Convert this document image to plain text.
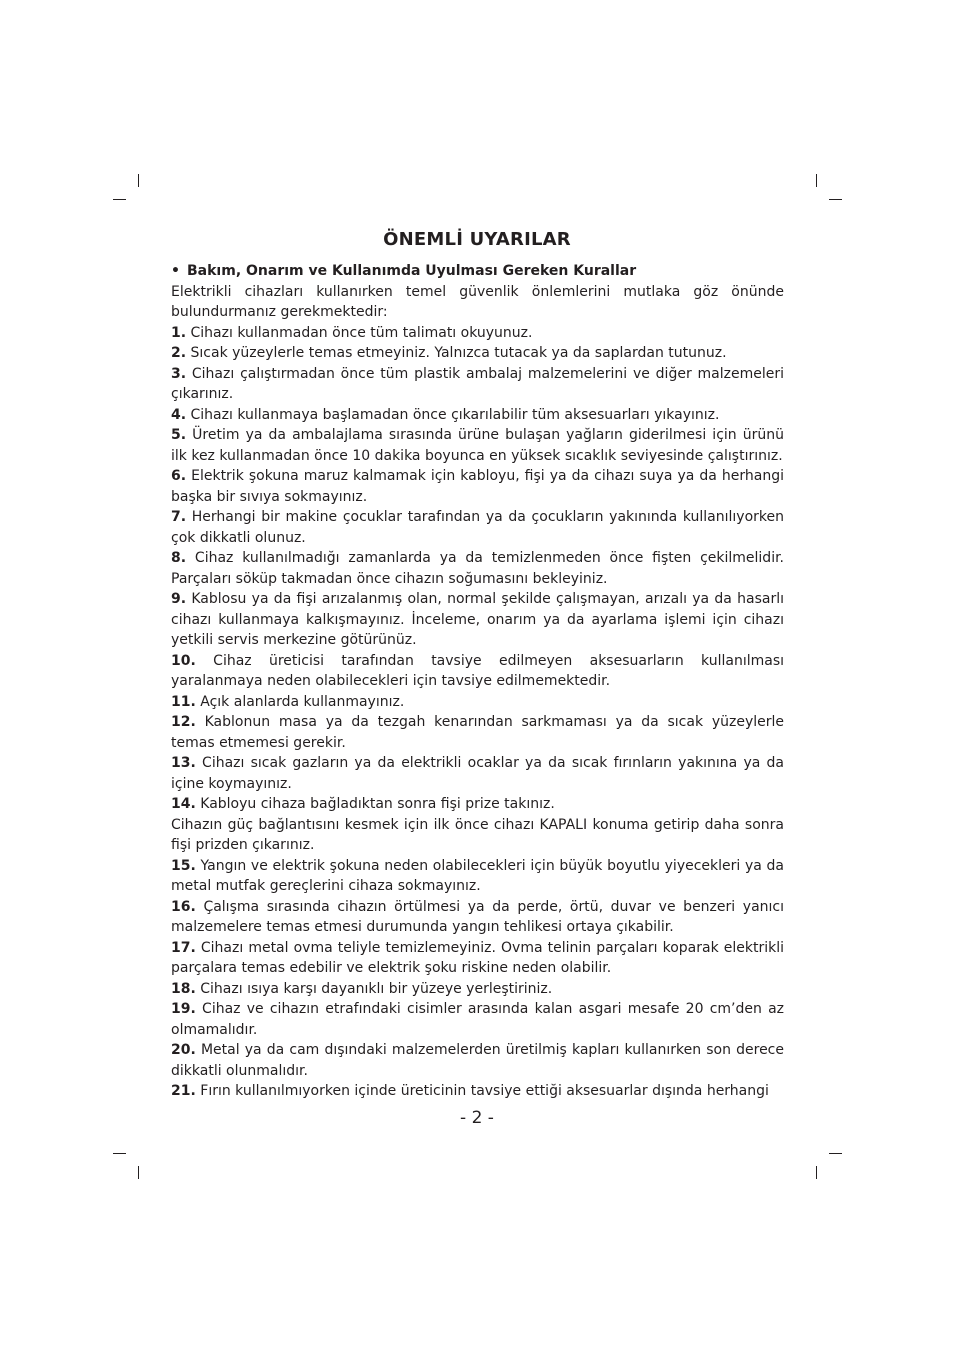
ÖNEMLİ UYARILAR
• Bakım, Onarım ve Kullanımda Uyulması Gereken Kurallar
Elektrikli cihazları kullanırken temel güvenlik önlemlerini mutlaka göz önünde bulundurmanız gerekmektedir:
1. Cihazı kullanmadan önce tüm talimatı okuyunuz.
2. Sıcak yüzeylerle temas etmeyiniz. Yalnızca tutacak ya da saplardan tutunuz.
3. Cihazı çalıştırmadan önce tüm plastik ambalaj malzemelerini ve diğer malzemeleri çıkarınız.
4. Cihazı kullanmaya başlamadan önce çıkarılabilir tüm aksesuarları yıkayınız.
5. Üretim ya da ambalajlama sırasında ürüne bulaşan yağların giderilmesi için ürünü ilk kez kullanmadan önce 10 dakika boyunca en yüksek sıcaklık seviyesinde çalıştırınız.
6. Elektrik şokuna maruz kalmamak için kabloyu, fişi ya da cihazı suya ya da herhangi başka bir sıvıya sokmayınız.
7. Herhangi bir makine çocuklar tarafından ya da çocukların yakınında kullanılıyorken çok dikkatli olunuz.
8. Cihaz kullanılmadığı zamanlarda ya da temizlenmeden önce fişten çekilmelidir. Parçaları söküp takmadan önce cihazın soğumasını bekleyiniz.
9. Kablosu ya da fişi arızalanmış olan, normal şekilde çalışmayan, arızalı ya da hasarlı cihazı kullanmaya kalkışmayınız. İnceleme, onarım ya da ayarlama işlemi için cihazı yetkili servis merkezine götürünüz.
10. Cihaz üreticisi tarafından tavsiye edilmeyen aksesuarların kullanılması yaralanmaya neden olabilecekleri için tavsiye edilmemektedir.
11. Açık alanlarda kullanmayınız.
12. Kablonun masa ya da tezgah kenarından sarkmaması ya da sıcak yüzeylerle temas etmemesi gerekir.
13. Cihazı sıcak gazların ya da elektrikli ocaklar ya da sıcak fırınların yakınına ya da içine koymayınız.
14. Kabloyu cihaza bağladıktan sonra fişi prize takınız.
Cihazın güç bağlantısını kesmek için ilk önce cihazı KAPALI konuma getirip daha sonra fişi prizden çıkarınız.
15. Yangın ve elektrik şokuna neden olabilecekleri için büyük boyutlu yiyecekleri ya da metal mutfak gereçlerini cihaza sokmayınız.
16. Çalışma sırasında cihazın örtülmesi ya da perde, örtü, duvar ve benzeri yanıcı malzemelere temas etmesi durumunda yangın tehlikesi ortaya çıkabilir.
17. Cihazı metal ovma teliyle temizlemeyiniz. Ovma telinin parçaları koparak elektrikli parçalara temas edebilir ve elektrik şoku riskine neden olabilir.
18. Cihazı ısıya karşı dayanıklı bir yüzeye yerleştiriniz.
19. Cihaz ve cihazın etrafındaki cisimler arasında kalan asgari mesafe 20 cm’den az olmamalıdır.
20. Metal ya da cam dışındaki malzemelerden üretilmiş kapları kullanırken son derece dikkatli olunmalıdır.
21. Fırın kullanılmıyorken içinde üreticinin tavsiye ettiği aksesuarlar dışında herhangi
- 2 -
